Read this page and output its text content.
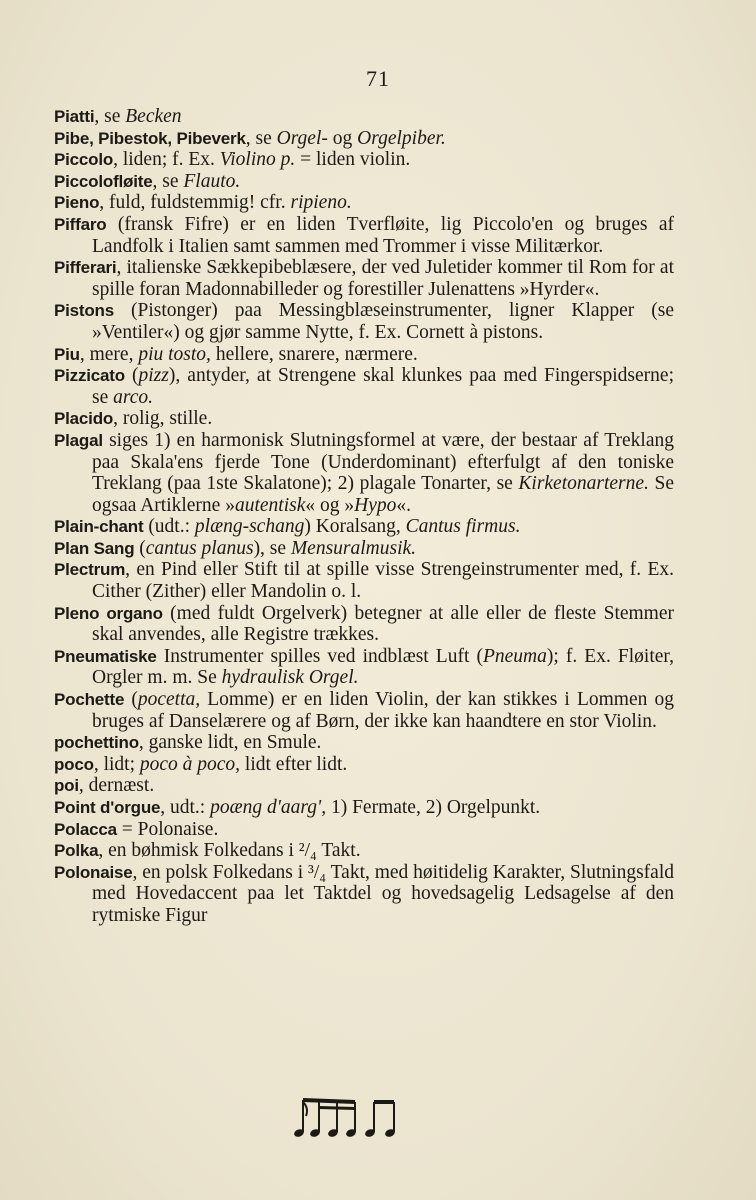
71
Piatti, se Becken
Pibe, Pibestok, Pibeverk, se Orgel- og Orgelpiber.
Piccolo, liden; f. Ex. Violino p. = liden violin.
Piccolofløite, se Flauto.
Pieno, fuld, fuldstemmig! cfr. ripieno.
Piffaro (fransk Fifre) er en liden Tverfløite, lig Piccolo'en og bruges af Landfolk i Italien samt sammen med Trommer i visse Militærkor.
Pifferari, italienske Sækkepibeblæsere, der ved Juletider kommer til Rom for at spille foran Madonnabilleder og forestiller Julenattens »Hyrder«.
Pistons (Pistonger) paa Messingblæseinstrumenter, ligner Klapper (se »Ventiler«) og gjør samme Nytte, f. Ex. Cornett à pistons.
Piu, mere, piu tosto, hellere, snarere, nærmere.
Pizzicato (pizz), antyder, at Strengene skal klunkes paa med Fingerspidserne; se arco.
Placido, rolig, stille.
Plagal siges 1) en harmonisk Slutningsformel at være, der bestaar af Treklang paa Skala'ens fjerde Tone (Underdominant) efterfulgt af den toniske Treklang (paa 1ste Skalatone); 2) plagale Tonarter, se Kirketonarterne. Se ogsaa Artiklerne »autentisk« og »Hypo«.
Plain-chant (udt.: plæng-schang) Koralsang, Cantus firmus.
Plan Sang (cantus planus), se Mensuralmusik.
Plectrum, en Pind eller Stift til at spille visse Strengeinstrumenter med, f. Ex. Cither (Zither) eller Mandolin o. l.
Pleno organo (med fuldt Orgelverk) betegner at alle eller de fleste Stemmer skal anvendes, alle Registre trækkes.
Pneumatiske Instrumenter spilles ved indblæst Luft (Pneuma); f. Ex. Fløiter, Orgler m. m. Se hydraulisk Orgel.
Pochette (pocetta, Lomme) er en liden Violin, der kan stikkes i Lommen og bruges af Danselærere og af Børn, der ikke kan haandtere en stor Violin.
pochettino, ganske lidt, en Smule.
poco, lidt; poco à poco, lidt efter lidt.
poi, dernæst.
Point d'orgue, udt.: poæng d'aarg', 1) Fermate, 2) Orgelpunkt.
Polacca = Polonaise.
Polka, en bøhmisk Folkedans i ²/₄ Takt.
Polonaise, en polsk Folkedans i ³/₄ Takt, med høitidelig Karakter, Slutningsfald med Hovedaccent paa let Taktdel og hovedsagelig Ledsagelse af den rytmiske Figur
